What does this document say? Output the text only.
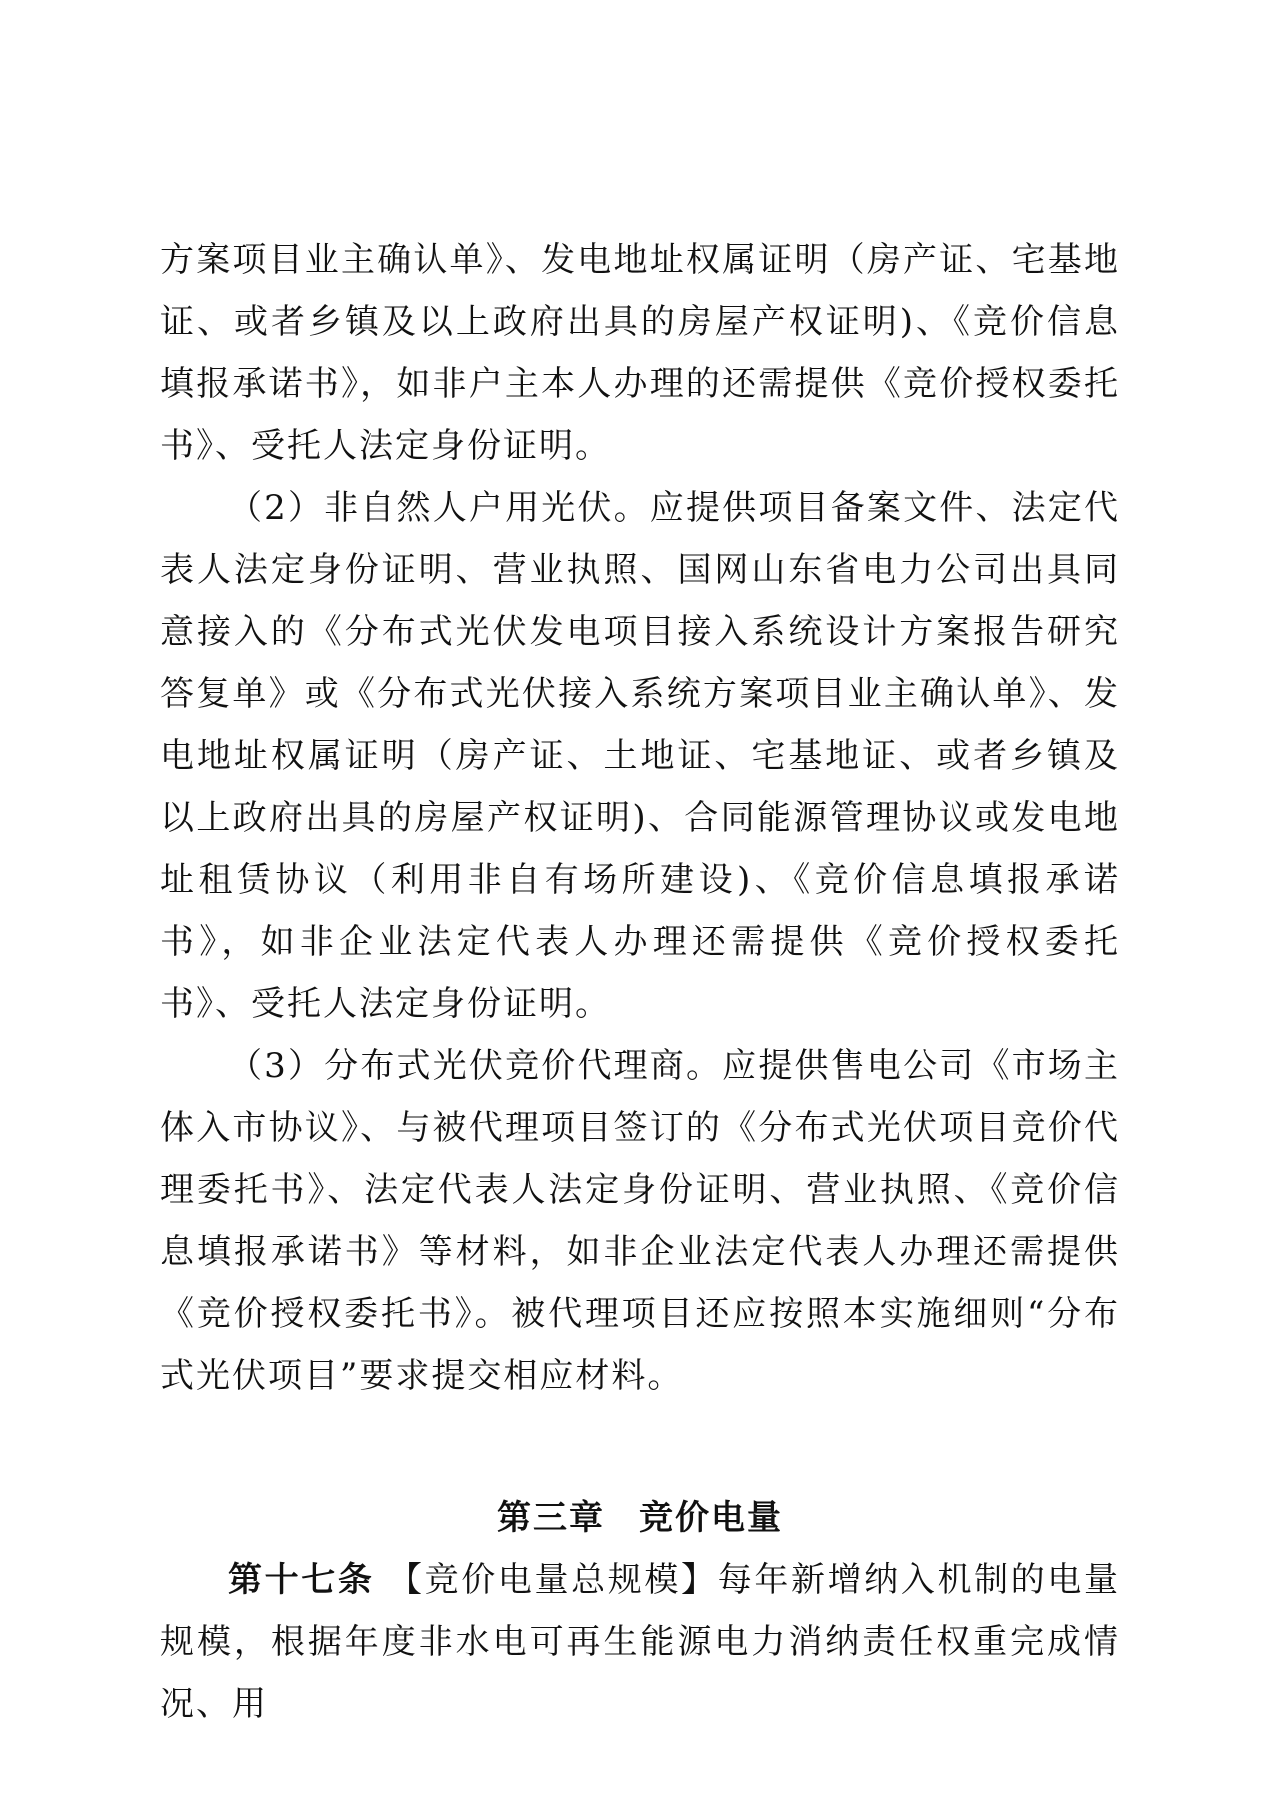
方案项目业主确认单》、发电地址权属证明（房产证、宅基地证、或者乡镇及以上政府出具的房屋产权证明)、《竞价信息填报承诺书》，如非户主本人办理的还需提供《竞价授权委托书》、受托人法定身份证明。

（2）非自然人户用光伏。应提供项目备案文件、法定代表人法定身份证明、营业执照、国网山东省电力公司出具同意接入的《分布式光伏发电项目接入系统设计方案报告研究答复单》或《分布式光伏接入系统方案项目业主确认单》、发电地址权属证明（房产证、土地证、宅基地证、或者乡镇及以上政府出具的房屋产权证明)、合同能源管理协议或发电地址租赁协议（利用非自有场所建设)、《竞价信息填报承诺书》，如非企业法定代表人办理还需提供《竞价授权委托书》、受托人法定身份证明。

（3）分布式光伏竞价代理商。应提供售电公司《市场主体入市协议》、与被代理项目签订的《分布式光伏项目竞价代理委托书》、法定代表人法定身份证明、营业执照、《竞价信息填报承诺书》等材料，如非企业法定代表人办理还需提供《竞价授权委托书》。被代理项目还应按照本实施细则“分布式光伏项目”要求提交相应材料。

第三章 竞价电量

第十七条 【竞价电量总规模】每年新增纳入机制的电量规模，根据年度非水电可再生能源电力消纳责任权重完成情况、用
